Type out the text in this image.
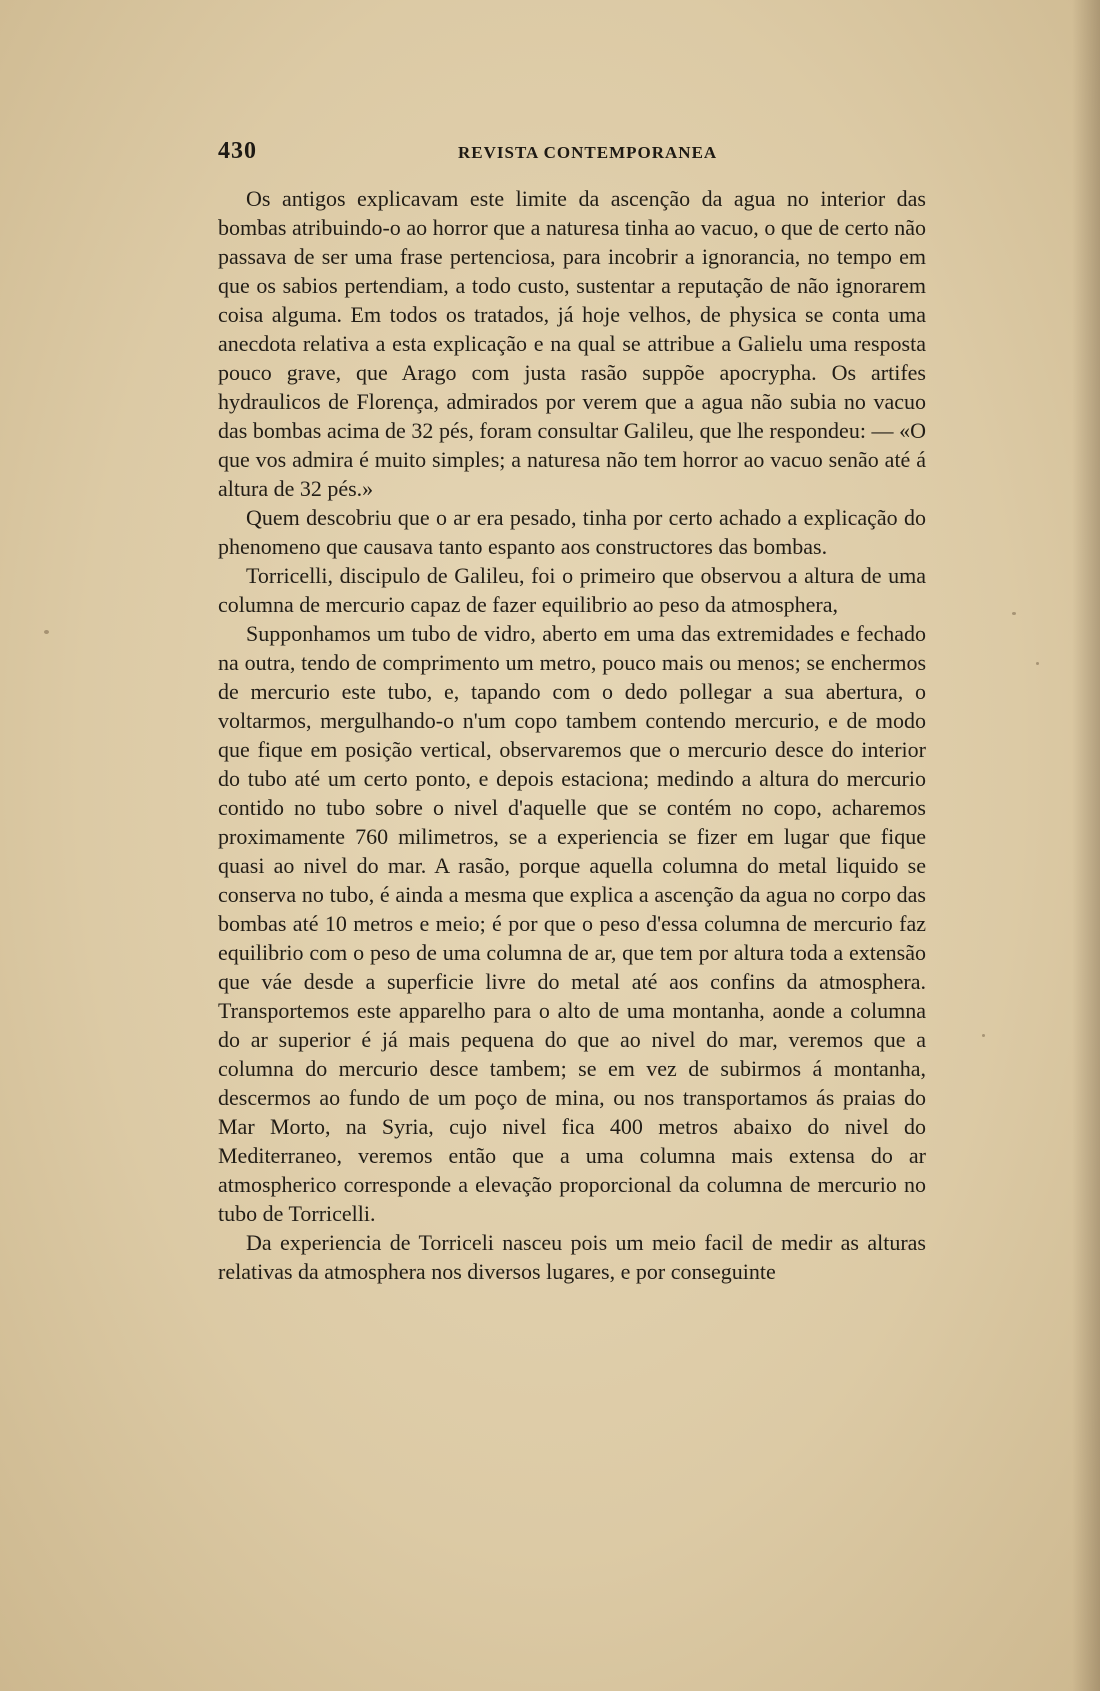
430	REVISTA CONTEMPORANEA

Os antigos explicavam este limite da ascenção da agua no interior das bombas atribuindo-o ao horror que a naturesa tinha ao vacuo, o que de certo não passava de ser uma frase pertenciosa, para incobrir a ignorancia, no tempo em que os sabios pertendiam, a todo custo, sustentar a reputação de não ignorarem coisa alguma. Em todos os tratados, já hoje velhos, de physica se conta uma anecdota relativa a esta explicação e na qual se attribue a Galielu uma resposta pouco grave, que Arago com justa rasão suppõe apocrypha. Os artifes hydraulicos de Florença, admirados por verem que a agua não subia no vacuo das bombas acima de 32 pés, foram consultar Galileu, que lhe respondeu: — «O que vos admira é muito simples; a naturesa não tem horror ao vacuo senão até á altura de 32 pés.»

Quem descobriu que o ar era pesado, tinha por certo achado a explicação do phenomeno que causava tanto espanto aos constructores das bombas.

Torricelli, discipulo de Galileu, foi o primeiro que observou a altura de uma columna de mercurio capaz de fazer equilibrio ao peso da atmosphera,

Supponhamos um tubo de vidro, aberto em uma das extremidades e fechado na outra, tendo de comprimento um metro, pouco mais ou menos; se enchermos de mercurio este tubo, e, tapando com o dedo pollegar a sua abertura, o voltarmos, mergulhando-o n'um copo tambem contendo mercurio, e de modo que fique em posição vertical, observaremos que o mercurio desce do interior do tubo até um certo ponto, e depois estaciona; medindo a altura do mercurio contido no tubo sobre o nivel d'aquelle que se contém no copo, acharemos proximamente 760 milimetros, se a experiencia se fizer em lugar que fique quasi ao nivel do mar. A rasão, porque aquella columna do metal liquido se conserva no tubo, é ainda a mesma que explica a ascenção da agua no corpo das bombas até 10 metros e meio; é por que o peso d'essa columna de mercurio faz equilibrio com o peso de uma columna de ar, que tem por altura toda a extensão que váe desde a superficie livre do metal até aos confins da atmosphera. Transportemos este apparelho para o alto de uma montanha, aonde a columna do ar superior é já mais pequena do que ao nivel do mar, veremos que a columna do mercurio desce tambem; se em vez de subirmos á montanha, descermos ao fundo de um poço de mina, ou nos transportamos ás praias do Mar Morto, na Syria, cujo nivel fica 400 metros abaixo do nivel do Mediterraneo, veremos então que a uma columna mais extensa do ar atmospherico corresponde a elevação proporcional da columna de mercurio no tubo de Torricelli.

Da experiencia de Torriceli nasceu pois um meio facil de medir as alturas relativas da atmosphera nos diversos lugares, e por conseguinte
